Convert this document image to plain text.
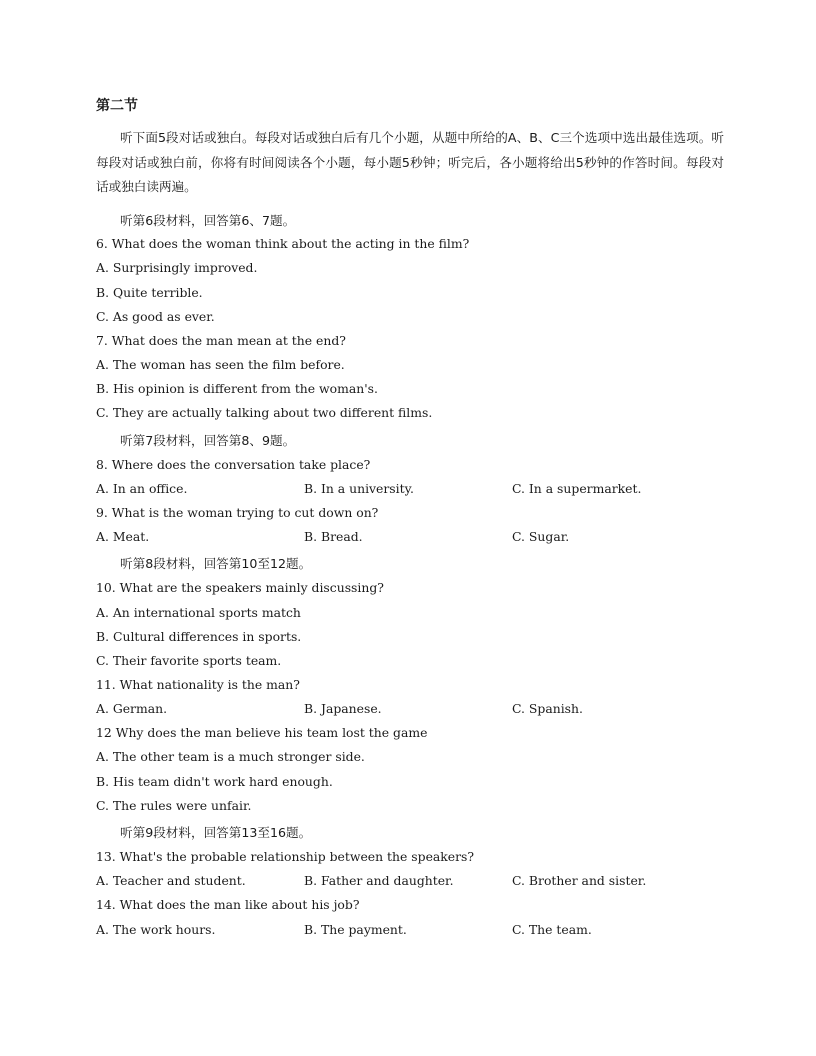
第二节
听下面5段对话或独白。每段对话或独白后有几个小题，从题中所给的A、B、C三个选项中选出最佳选项。听每段对话或独白前，你将有时间阅读各个小题，每小题5秒钟；听完后，各小题将给出5秒钟的作答时间。每段对话或独白读两遍。
听第6段材料，回答第6、7题。
6. What does the woman think about the acting in the film?
A. Surprisingly improved.
B. Quite terrible.
C. As good as ever.
7. What does the man mean at the end?
A. The woman has seen the film before.
B. His opinion is different from the woman's.
C. They are actually talking about two different films.
听第7段材料，回答第8、9题。
8. Where does the conversation take place?
A. In an office.	B. In a university.	C. In a supermarket.
9. What is the woman trying to cut down on?
A. Meat.	B. Bread.	C. Sugar.
听第8段材料，回答第10至12题。
10. What are the speakers mainly discussing?
A. An international sports match
B. Cultural differences in sports.
C. Their favorite sports team.
11. What nationality is the man?
A. German.	B. Japanese.	C. Spanish.
12 Why does the man believe his team lost the game
A. The other team is a much stronger side.
B. His team didn't work hard enough.
C. The rules were unfair.
听第9段材料，回答第13至16题。
13. What's the probable relationship between the speakers?
A. Teacher and student.	B. Father and daughter.	C. Brother and sister.
14. What does the man like about his job?
A. The work hours.	B. The payment.	C. The team.
